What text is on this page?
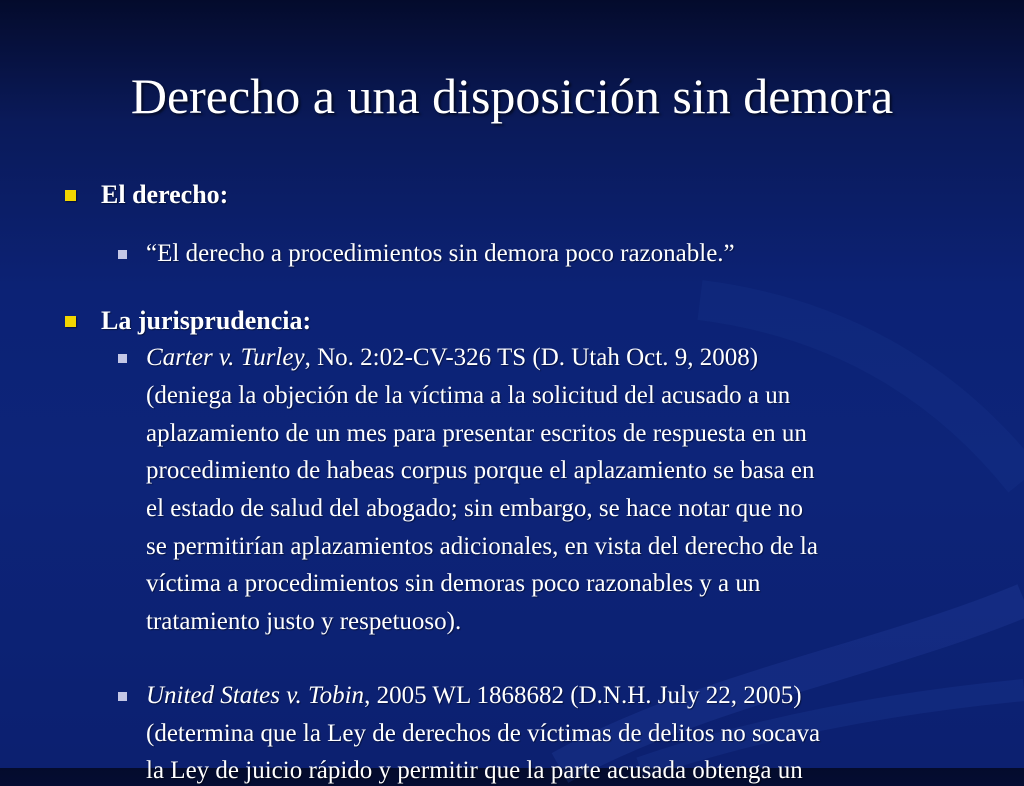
Derecho a una disposición sin demora
El derecho:
“El derecho a procedimientos sin demora poco razonable.”
La jurisprudencia:
Carter v. Turley, No. 2:02-CV-326 TS (D. Utah Oct. 9, 2008)
(deniega la objeción de la víctima a la solicitud del acusado a un
aplazamiento de un mes para presentar escritos de respuesta en un
procedimiento de habeas corpus porque el aplazamiento se basa en
el estado de salud del abogado; sin embargo, se hace notar que no
se permitirían aplazamientos adicionales, en vista del derecho de la
víctima a procedimientos sin demoras poco razonables y a un
tratamiento justo y respetuoso).
United States v. Tobin, 2005 WL 1868682 (D.N.H. July 22, 2005)
(determina que la Ley de derechos de víctimas de delitos no socava
la Ley de juicio rápido y permitir que la parte acusada obtenga un
